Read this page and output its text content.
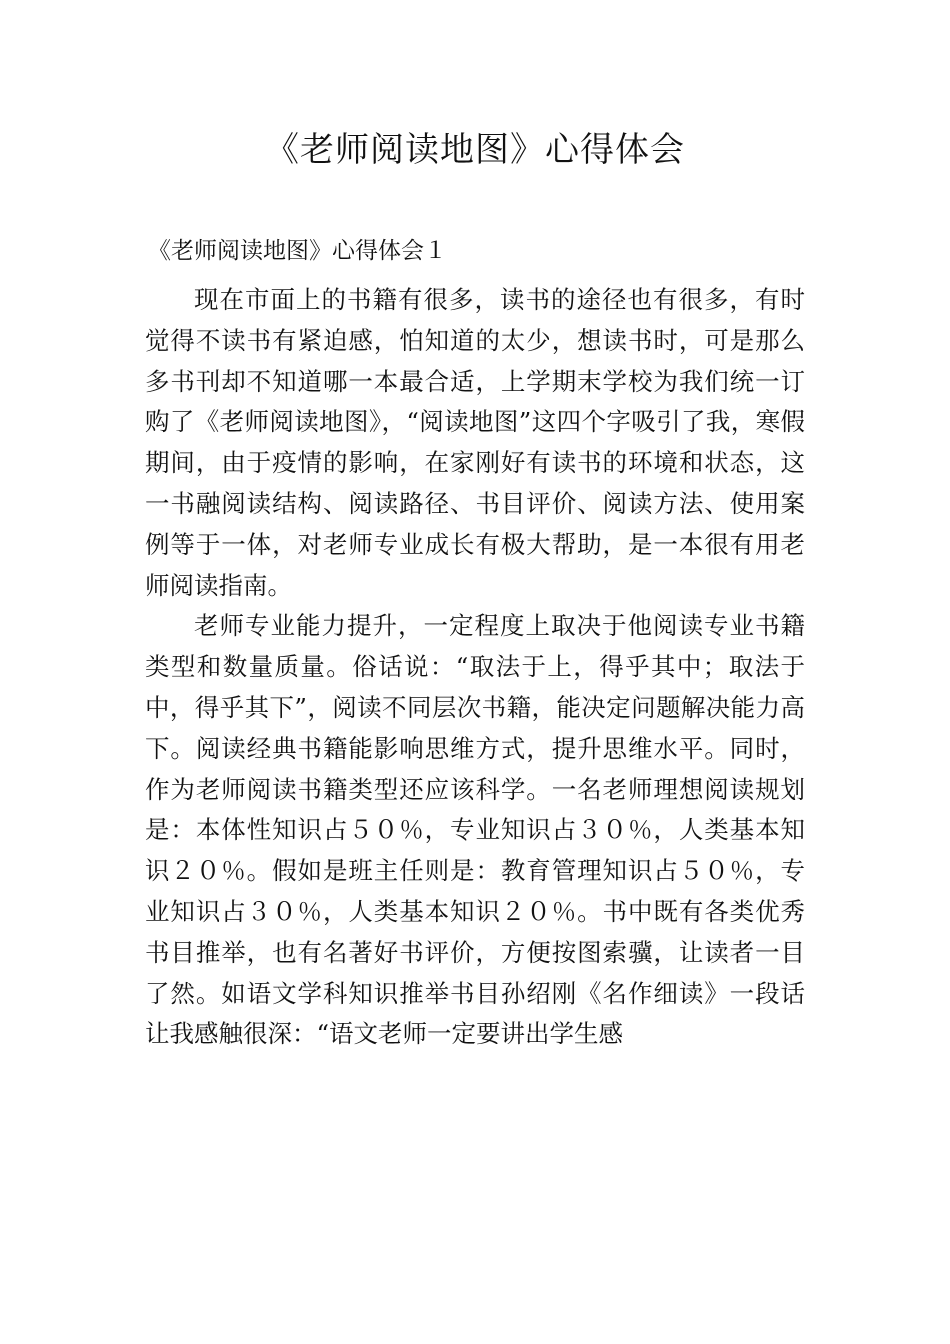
《老师阅读地图》心得体会
《老师阅读地图》心得体会１

现在市面上的书籍有很多，读书的途径也有很多，有时觉得不读书有紧迫感，怕知道的太少，想读书时，可是那么多书刊却不知道哪一本最合适，上学期末学校为我们统一订购了《老师阅读地图》，“阅读地图”这四个字吸引了我，寒假期间，由于疫情的影响，在家刚好有读书的环境和状态，这一书融阅读结构、阅读路径、书目评价、阅读方法、使用案例等于一体，对老师专业成长有极大帮助，是一本很有用老师阅读指南。

老师专业能力提升，一定程度上取决于他阅读专业书籍类型和数量质量。俗话说：“取法于上，得乎其中；取法于中，得乎其下”，阅读不同层次书籍，能决定问题解决能力高下。阅读经典书籍能影响思维方式，提升思维水平。同时，作为老师阅读书籍类型还应该科学。一名老师理想阅读规划是：本体性知识占５０％，专业知识占３０％，人类基本知识２０％。假如是班主任则是：教育管理知识占５０％，专业知识占３０％，人类基本知识２０％。书中既有各类优秀书目推举，也有名著好书评价，方便按图索骥，让读者一目了然。如语文学科知识推举书目孙绍刚《名作细读》一段话让我感触很深：“语文老师一定要讲出学生感
